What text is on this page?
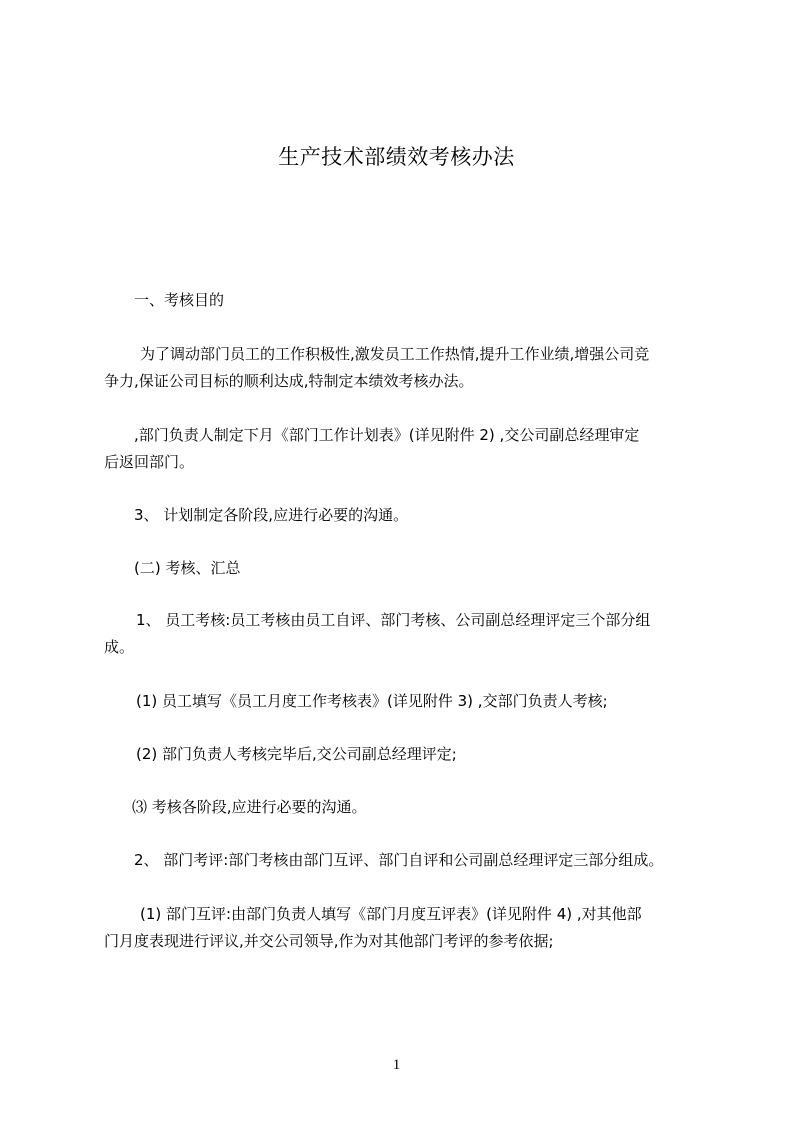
生产技术部绩效考核办法
一、考核目的
为了调动部门员工的工作积极性,激发员工工作热情,提升工作业绩,增强公司竞
争力,保证公司目标的顺利达成,特制定本绩效考核办法。
,部门负责人制定下月《部门工作计划表》(详见附件 2) ,交公司副总经理审定
后返回部门。
3、 计划制定各阶段,应进行必要的沟通。
(二) 考核、汇总
1、 员工考核:员工考核由员工自评、部门考核、公司副总经理评定三个部分组
成。
(1) 员工填写《员工月度工作考核表》(详见附件 3) ,交部门负责人考核;
(2) 部门负责人考核完毕后,交公司副总经理评定;
⑶ 考核各阶段,应进行必要的沟通。
2、 部门考评:部门考核由部门互评、部门自评和公司副总经理评定三部分组成。
(1) 部门互评:由部门负责人填写《部门月度互评表》(详见附件 4) ,对其他部
门月度表现进行评议,并交公司领导,作为对其他部门考评的参考依据;
1
